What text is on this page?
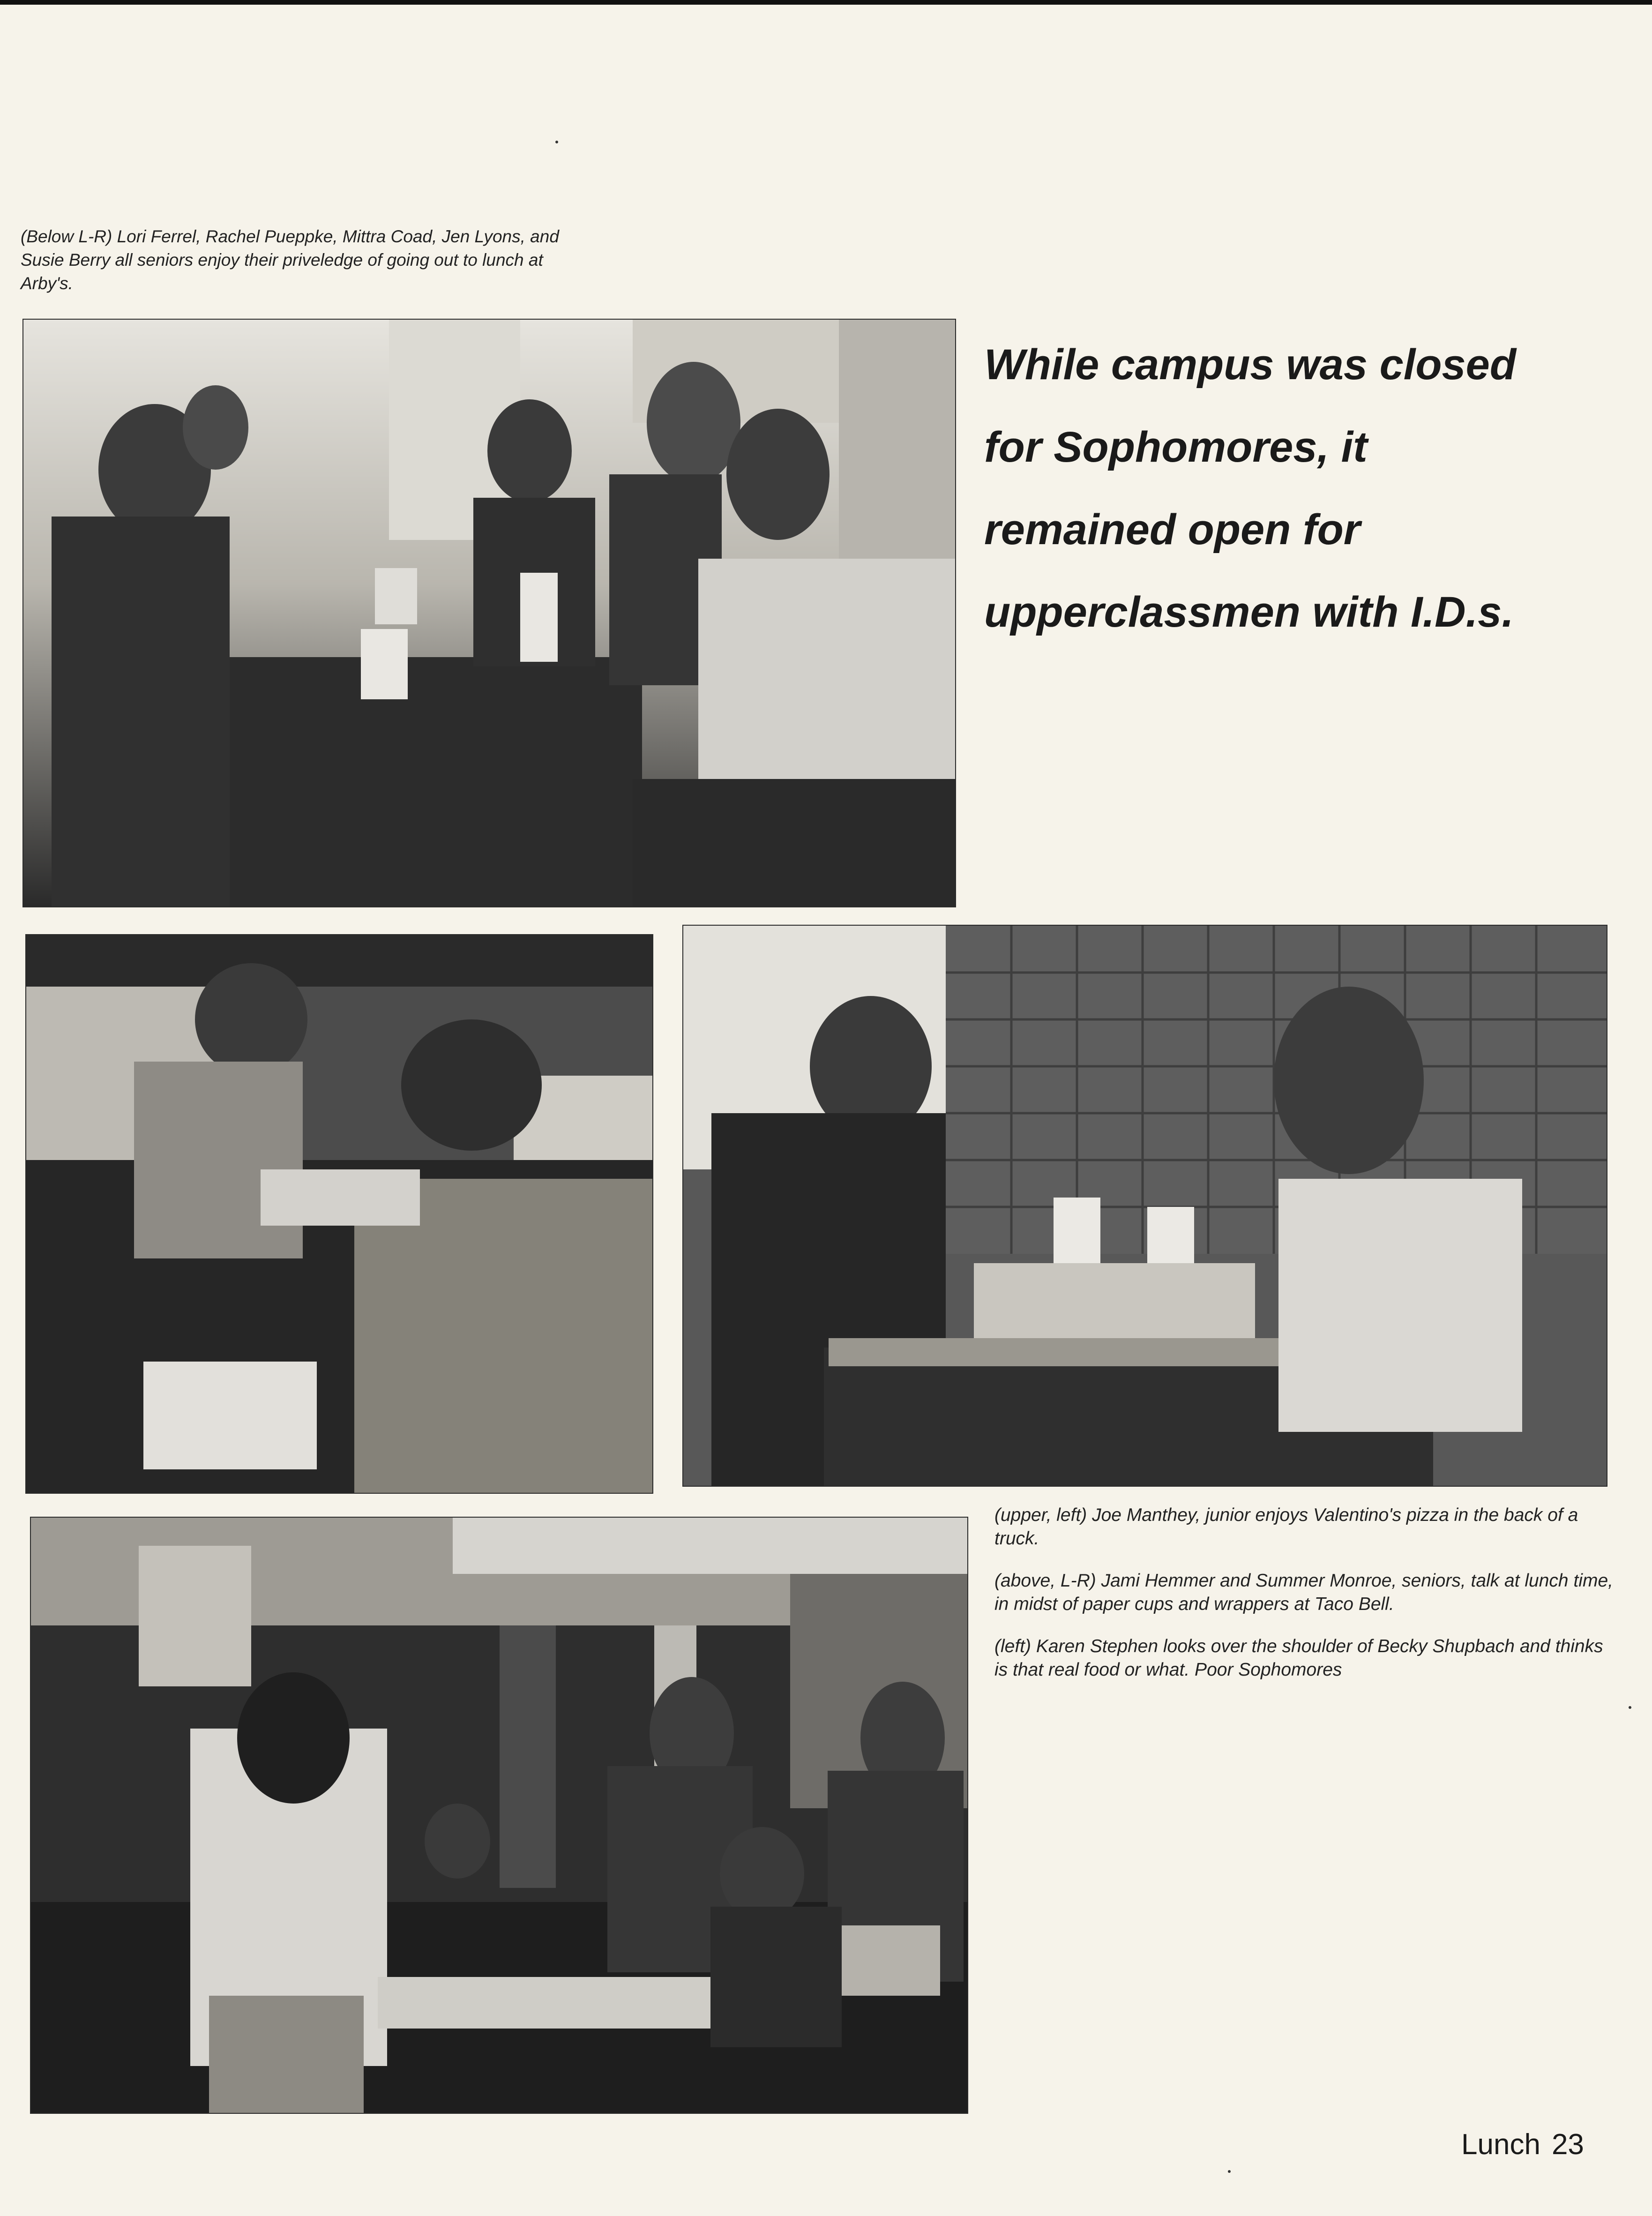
(Below L-R) Lori Ferrel, Rachel Pueppke, Mittra Coad, Jen Lyons, and Susie Berry all seniors enjoy their priveledge of going out to lunch at Arby's.
While campus was closed
for Sophomores, it
remained open for
upperclassmen with I.D.s.

(upper, left) Joe Manthey, junior enjoys Valentino's pizza in the back of a truck.

(above, L-R) Jami Hemmer and Summer Monroe, seniors, talk at lunch time, in midst of paper cups and wrappers at Taco Bell.

(left) Karen Stephen looks over the shoulder of Becky Shupbach and thinks is that real food or what. Poor Sophomores

Lunch 23
